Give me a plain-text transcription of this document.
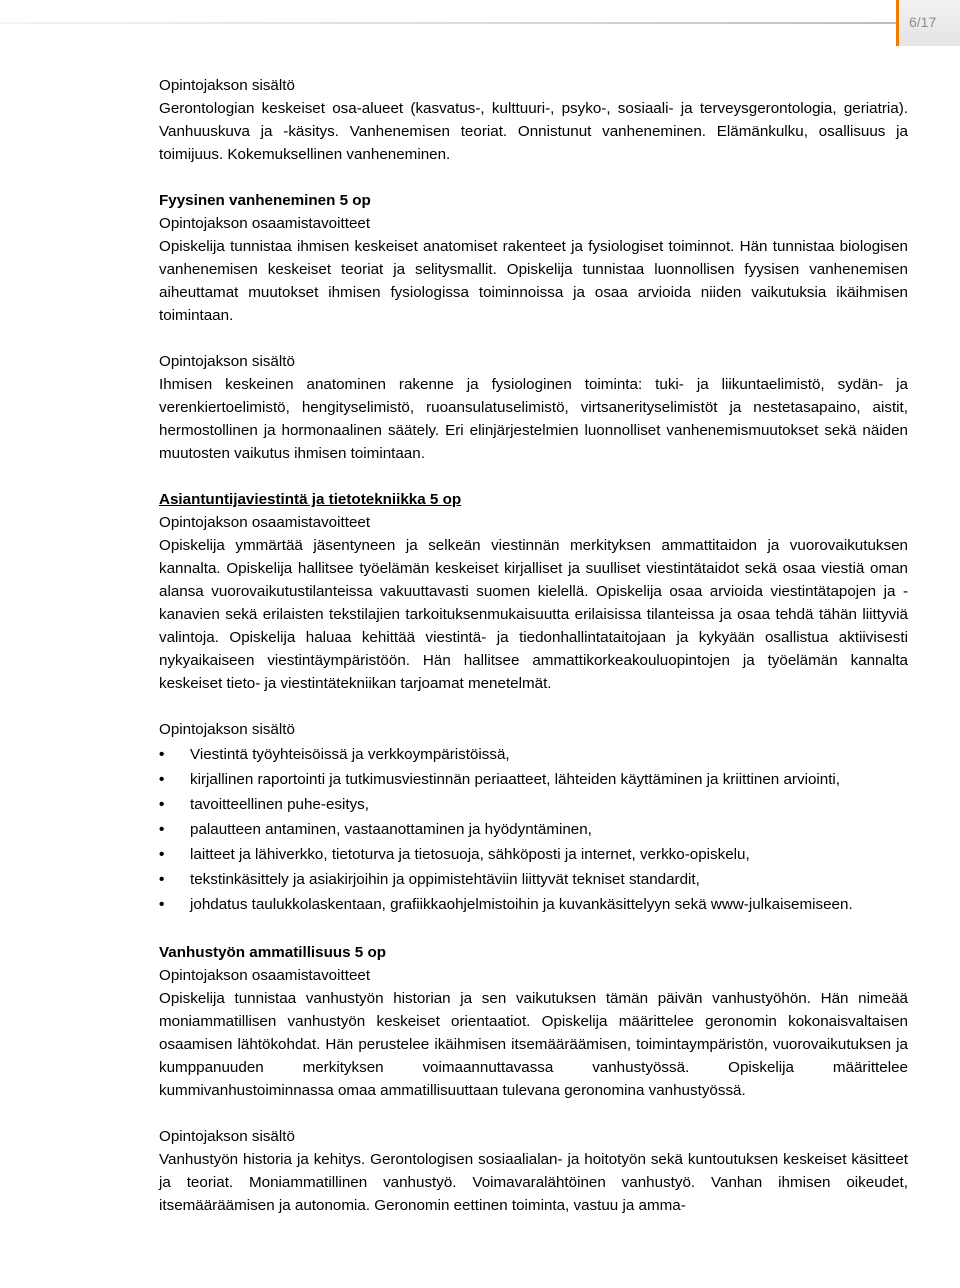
6/17

Opintojakson sisältö

Gerontologian keskeiset osa-alueet (kasvatus-, kulttuuri-, psyko-, sosiaali- ja terveysgerontologia, geriatria). Vanhuuskuva ja -käsitys. Vanhenemisen teoriat. Onnistunut vanheneminen. Elämänkulku, osallisuus ja toimijuus. Kokemuksellinen vanheneminen.

Fyysinen vanheneminen 5 op

Opintojakson osaamistavoitteet

Opiskelija tunnistaa ihmisen keskeiset anatomiset rakenteet ja fysiologiset toiminnot. Hän tunnistaa biologisen vanhenemisen keskeiset teoriat ja selitysmallit. Opiskelija tunnistaa luonnollisen fyysisen vanhenemisen aiheuttamat muutokset ihmisen fysiologissa toiminnoissa ja osaa arvioida niiden vaikutuksia ikäihmisen toimintaan.

Opintojakson sisältö

Ihmisen keskeinen anatominen rakenne ja fysiologinen toiminta: tuki- ja liikuntaelimistö, sydän- ja verenkiertoelimistö, hengityselimistö, ruoansulatuselimistö, virtsanerityselimistöt ja nestetasapaino, aistit, hermostollinen ja hormonaalinen säätely. Eri elinjärjestelmien luonnolliset vanhenemismuutokset sekä näiden muutosten vaikutus ihmisen toimintaan.

Asiantuntijaviestintä ja tietotekniikka 5 op

Opintojakson osaamistavoitteet

Opiskelija ymmärtää jäsentyneen ja selkeän viestinnän merkityksen ammattitaidon ja vuorovaikutuksen kannalta. Opiskelija hallitsee työelämän keskeiset kirjalliset ja suulliset viestintätaidot sekä osaa viestiä oman alansa vuorovaikutustilanteissa vakuuttavasti suomen kielellä. Opiskelija osaa arvioida viestintätapojen ja -kanavien sekä erilaisten tekstilajien tarkoituksenmukaisuutta erilaisissa tilanteissa ja osaa tehdä tähän liittyviä valintoja. Opiskelija haluaa kehittää viestintä- ja tiedonhallintataitojaan ja kykyään osallistua aktiivisesti nykyaikaiseen viestintäympäristöön. Hän hallitsee ammattikorkeakouluopintojen ja työelämän kannalta keskeiset tieto- ja viestintätekniikan tarjoamat menetelmät.

Opintojakson sisältö

•	Viestintä työyhteisöissä ja verkkoympäristöissä,
•	kirjallinen raportointi ja tutkimusviestinnän periaatteet, lähteiden käyttäminen ja kriittinen arviointi,
•	tavoitteellinen puhe-esitys,
•	palautteen antaminen, vastaanottaminen ja hyödyntäminen,
•	laitteet ja lähiverkko, tietoturva ja tietosuoja, sähköposti ja internet, verkko-opiskelu,
•	tekstinkäsittely ja asiakirjoihin ja oppimistehtäviin liittyvät tekniset standardit,
•	johdatus taulukkolaskentaan, grafiikkaohjelmistoihin ja kuvankäsittelyyn sekä www-julkaisemiseen.

Vanhustyön ammatillisuus 5 op

Opintojakson osaamistavoitteet

Opiskelija tunnistaa vanhustyön historian ja sen vaikutuksen tämän päivän vanhustyöhön. Hän nimeää moniammatillisen vanhustyön keskeiset orientaatiot. Opiskelija määrittelee geronomin kokonaisvaltaisen osaamisen lähtökohdat. Hän perustelee ikäihmisen itsemääräämisen, toimintaympäristön, vuorovaikutuksen ja kumppanuuden merkityksen voimaannuttavassa vanhustyössä. Opiskelija määrittelee kummivanhustoiminnassa omaa ammatillisuuttaan tulevana geronomina vanhustyössä.

Opintojakson sisältö

Vanhustyön historia ja kehitys. Gerontologisen sosiaalialan- ja hoitotyön sekä kuntoutuksen keskeiset käsitteet ja teoriat. Moniammatillinen vanhustyö. Voimavaralähtöinen vanhustyö. Vanhan ihmisen oikeudet, itsemääräämisen ja autonomia. Geronomin eettinen toiminta, vastuu ja amma-
